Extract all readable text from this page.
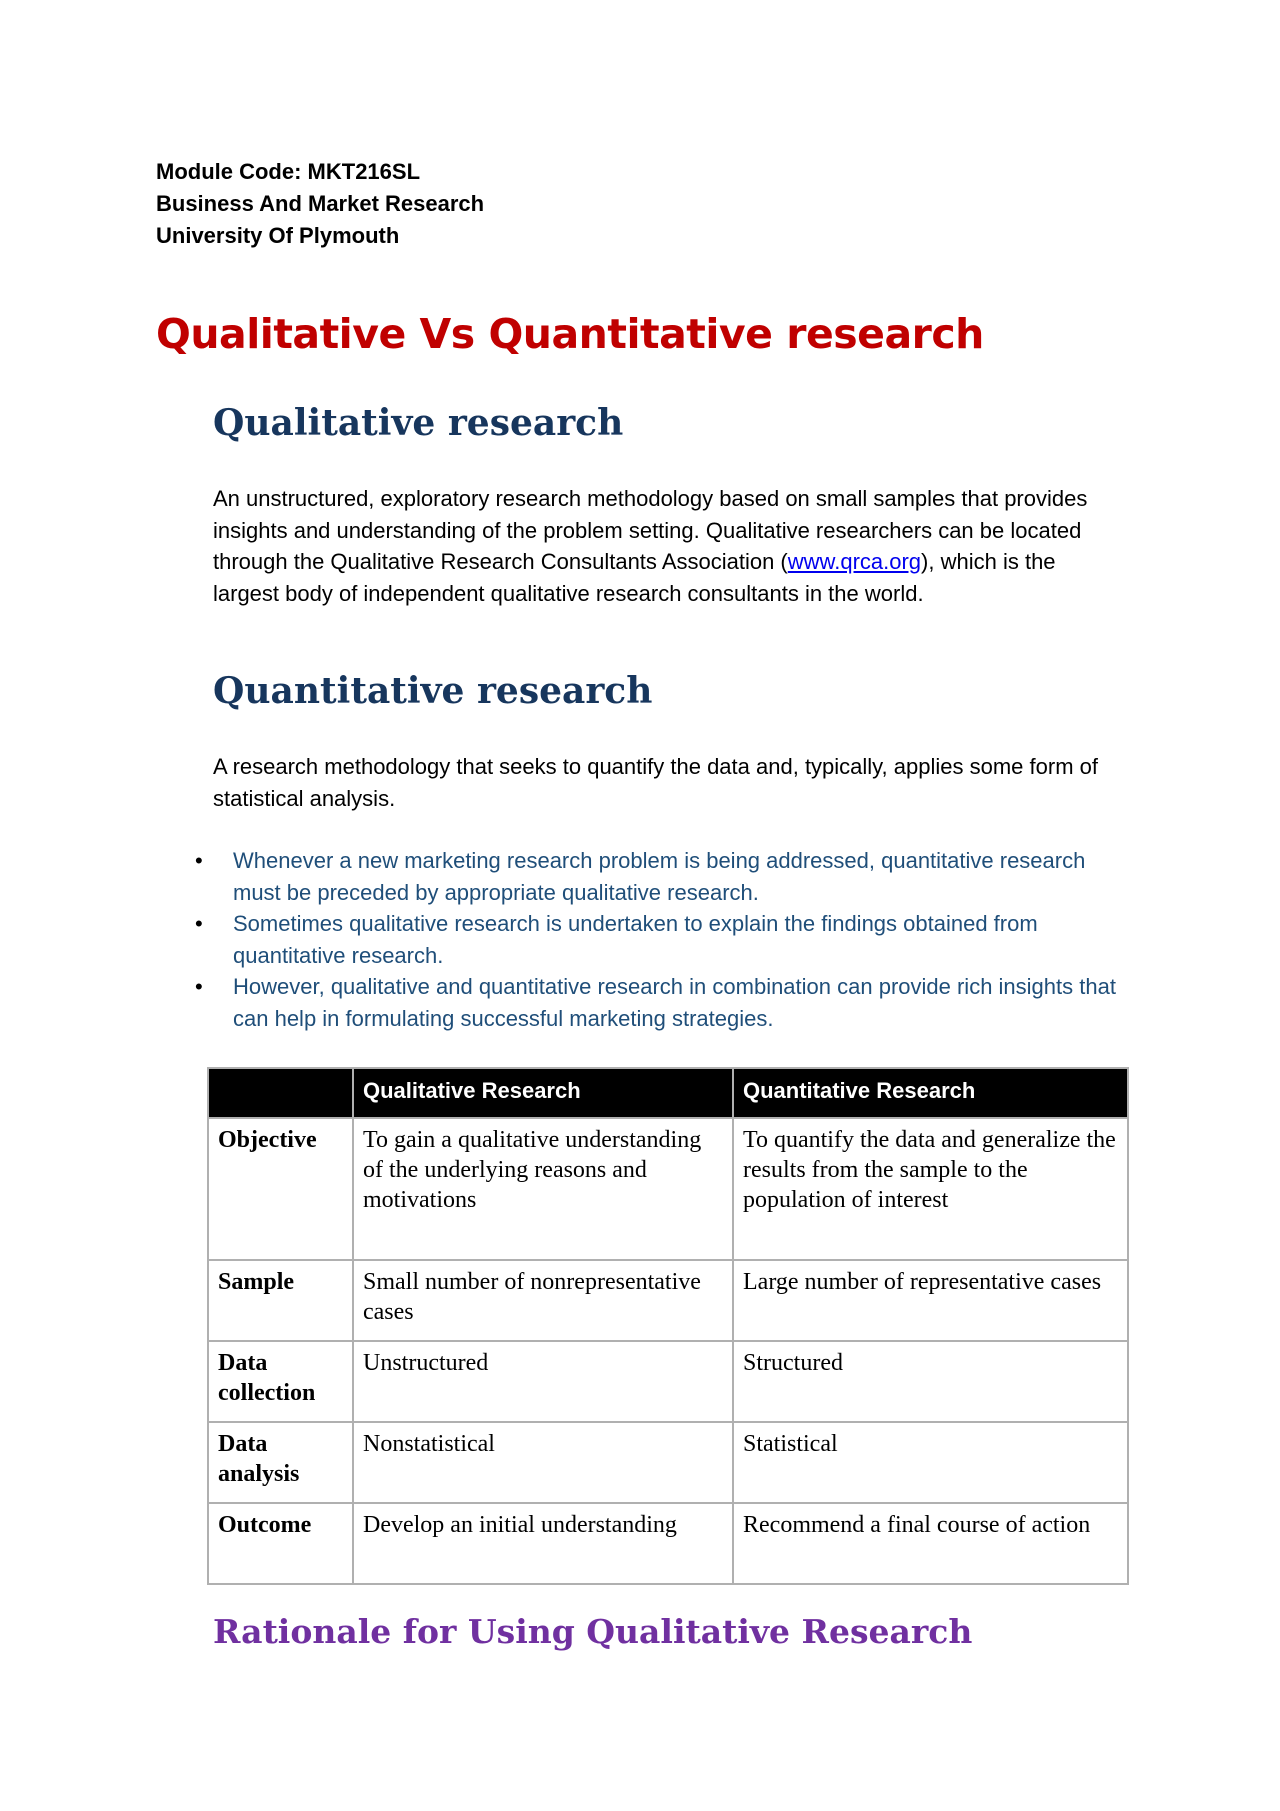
Module Code: MKT216SL
Business And Market Research
University Of Plymouth
Qualitative Vs Quantitative research
Qualitative research

An unstructured, exploratory research methodology based on small samples that provides insights and understanding of the problem setting. Qualitative researchers can be located through the Qualitative Research Consultants Association (www.qrca.org), which is the largest body of independent qualitative research consultants in the world.

Quantitative research

A research methodology that seeks to quantify the data and, typically, applies some form of statistical analysis.

• Whenever a new marketing research problem is being addressed, quantitative research must be preceded by appropriate qualitative research.
• Sometimes qualitative research is undertaken to explain the findings obtained from quantitative research.
• However, qualitative and quantitative research in combination can provide rich insights that can help in formulating successful marketing strategies.
	Qualitative Research	Quantitative Research
Objective	To gain a qualitative understanding of the underlying reasons and motivations	To quantify the data and generalize the results from the sample to the population of interest
Sample	Small number of nonrepresentative cases	Large number of representative cases
Data collection	Unstructured	Structured
Data analysis	Nonstatistical	Statistical
Outcome	Develop an initial understanding	Recommend a final course of action
Rationale for Using Qualitative Research
